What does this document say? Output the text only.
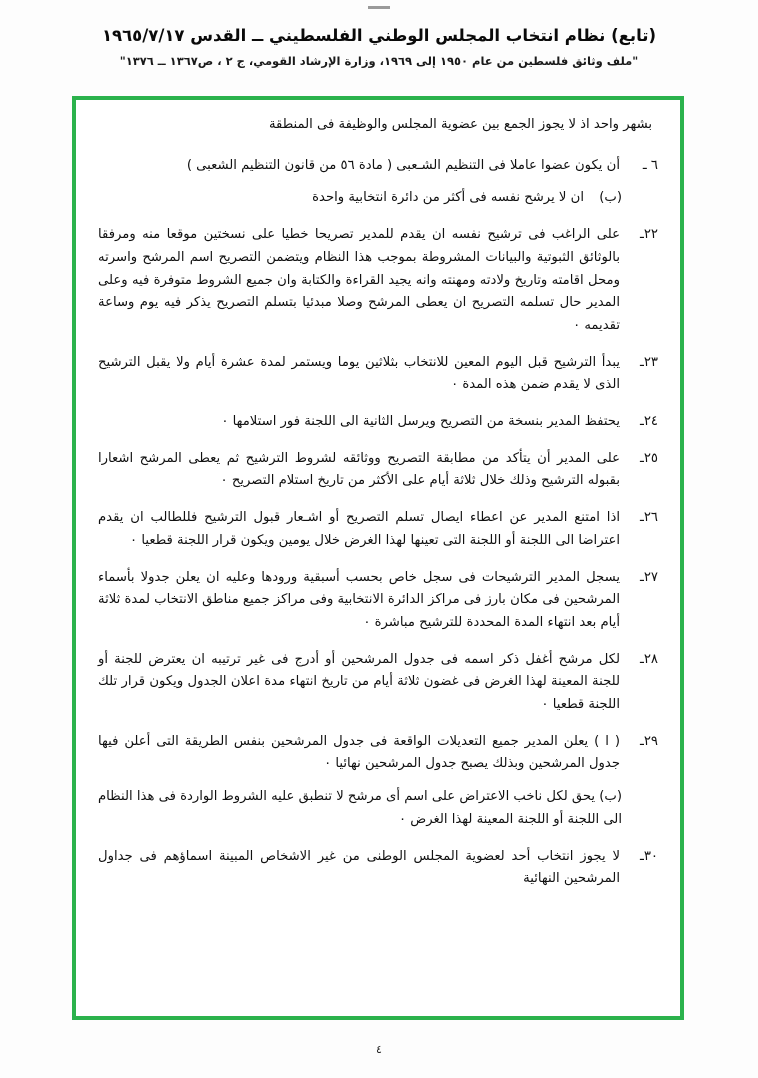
(تابع) نظام انتخاب المجلس الوطني الفلسطيني ــ القدس ١٩٦٥/٧/١٧
"ملف وثائق فلسطين من عام ١٩٥٠ إلى ١٩٦٩، وزارة الإرشاد القومي، ج ٢ ، ص١٣٦٧ ــ ١٣٧٦"
بشهر واحد اذ لا يجوز الجمع بين عضوية المجلس والوظيفة فى المنطقة
٦ ـ
أن يكون عضوا عاملا فى التنظيم الشـعبى ( مادة ٥٦ من قانون التنظيم الشعبى )
(ب)
ان لا يرشح نفسه فى أكثر من دائرة انتخابية واحدة
٢٢ـ
على الراغب فى ترشيح نفسه ان يقدم للمدير تصريحا خطيا على نسختين موقعا منه ومرفقا بالوثائق الثبوتية والبيانات المشروطة بموجب هذا النظام ويتضمن التصريح اسم المرشح واسرته ومحل اقامته وتاريخ ولادته ومهنته وانه يجيد القراءة والكتابة وان جميع الشروط متوفرة فيه وعلى المدير حال تسلمه التصريح ان يعطى المرشح وصلا مبدئيا بتسلم التصريح يذكر فيه يوم وساعة تقديمه ٠
٢٣ـ
يبدأ الترشيح قبل اليوم المعين للانتخاب بثلاثين يوما ويستمر لمدة عشرة أيام ولا يقبل الترشيح الذى لا يقدم ضمن هذه المدة ٠
٢٤ـ
يحتفظ المدير بنسخة من التصريح ويرسل الثانية الى اللجنة فور استلامها ٠
٢٥ـ
على المدير أن يتأكد من مطابقة التصريح ووثائقه لشروط الترشيح ثم يعطى المرشح اشعارا بقبوله الترشيح وذلك خلال ثلاثة أيام على الأكثر من تاريخ استلام التصريح ٠
٢٦ـ
اذا امتنع المدير عن اعطاء ايصال تسلم التصريح أو اشـعار قبول الترشيح فللطالب ان يقدم اعتراضا الى اللجنة أو اللجنة التى تعينها لهذا الغرض خلال يومين ويكون قرار اللجنة قطعيا ٠
٢٧ـ
يسجل المدير الترشيحات فى سجل خاص بحسب أسبقية ورودها وعليه ان يعلن جدولا بأسماء المرشحين فى مكان بارز فى مراكز الدائرة الانتخابية وفى مراكز جميع مناطق الانتخاب لمدة ثلاثة أيام بعد انتهاء المدة المحددة للترشيح مباشرة ٠
٢٨ـ
لكل مرشح أغفل ذكر اسمه فى جدول المرشحين أو أدرج فى غير ترتيبه ان يعترض للجنة أو للجنة المعينة لهذا الغرض فى غضون ثلاثة أيام من تاريخ انتهاء مدة اعلان الجدول ويكون قرار تلك اللجنة قطعيا ٠
٢٩ـ
( ا ) يعلن المدير جميع التعديلات الواقعة فى جدول المرشحين بنفس الطريقة التى أعلن فيها جدول المرشحين وبذلك يصبح جدول المرشحين نهائيا ٠
(ب) يحق لكل ناخب الاعتراض على اسم أى مرشح لا تنطبق عليه الشروط الواردة فى هذا النظام الى اللجنة أو اللجنة المعينة لهذا الغرض ٠
٣٠ـ
لا يجوز انتخاب أحد لعضوية المجلس الوطنى من غير الاشخاص المبينة اسماؤهم فى جداول المرشحين النهائية
٤
